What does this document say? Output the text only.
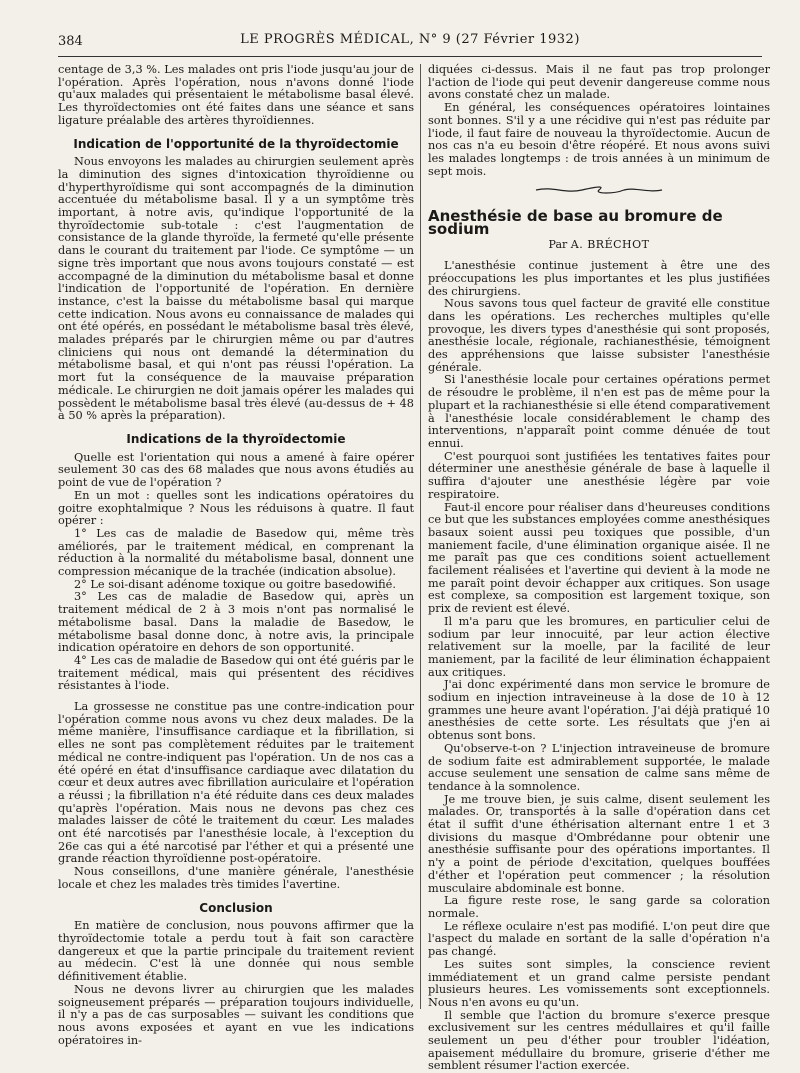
384	LE PROGRÈS MÉDICAL, N° 9 (27 Février 1932)

centage de 3,3 %. Les malades ont pris l'iode jusqu'au jour de l'opération. Après l'opération, nous n'avons donné l'iode qu'aux malades qui présentaient le métabolisme basal élevé. Les thyroïdectomies ont été faites dans une séance et sans ligature préalable des artères thyroïdiennes.

Indication de l'opportunité de la thyroïdectomie

Nous envoyons les malades au chirurgien seulement après la diminution des signes d'intoxication thyroïdienne ou d'hyperthyroïdisme qui sont accompagnés de la diminution accentuée du métabolisme basal. Il y a un symptôme très important, à notre avis, qu'indique l'opportunité de la thyroïdectomie sub-totale : c'est l'augmentation de consistance de la glande thyroïde, la fermeté qu'elle présente dans le courant du traitement par l'iode. Ce symptôme — un signe très important que nous avons toujours constaté — est accompagné de la diminution du métabolisme basal et donne l'indication de l'opportunité de l'opération. En dernière instance, c'est la baisse du métabolisme basal qui marque cette indication. Nous avons eu connaissance de malades qui ont été opérés, en possédant le métabolisme basal très élevé, malades préparés par le chirurgien même ou par d'autres cliniciens qui nous ont demandé la détermination du métabolisme basal, et qui n'ont pas réussi l'opération. La mort fut la conséquence de la mauvaise préparation médicale. Le chirurgien ne doit jamais opérer les malades qui possèdent le métabolisme basal très élevé (au-dessus de + 48 à 50 % après la préparation).

Indications de la thyroïdectomie

Quelle est l'orientation qui nous a amené à faire opérer seulement 30 cas des 68 malades que nous avons étudiés au point de vue de l'opération ?

En un mot : quelles sont les indications opératoires du goitre exophtalmique ? Nous les réduisons à quatre. Il faut opérer :

1° Les cas de maladie de Basedow qui, même très améliorés, par le traitement médical, en comprenant la réduction à la normalité du métabolisme basal, donnent une compression mécanique de la trachée (indication absolue).

2° Le soi-disant adénome toxique ou goitre basedowifié.

3° Les cas de maladie de Basedow qui, après un traitement médical de 2 à 3 mois n'ont pas normalisé le métabolisme basal. Dans la maladie de Basedow, le métabolisme basal donne donc, à notre avis, la principale indication opératoire en dehors de son opportunité.

4° Les cas de maladie de Basedow qui ont été guéris par le traitement médical, mais qui présentent des récidives résistantes à l'iode.

La grossesse ne constitue pas une contre-indication pour l'opération comme nous avons vu chez deux malades. De la même manière, l'insuffisance cardiaque et la fibrillation, si elles ne sont pas complètement réduites par le traitement médical ne contre-indiquent pas l'opération. Un de nos cas a été opéré en état d'insuffisance cardiaque avec dilatation du cœur et deux autres avec fibrillation auriculaire et l'opération a réussi ; la fibrillation n'a été réduite dans ces deux malades qu'après l'opération. Mais nous ne devons pas chez ces malades laisser de côté le traitement du cœur. Les malades ont été narcotisés par l'anesthésie locale, à l'exception du 26e cas qui a été narcotisé par l'éther et qui a présenté une grande réaction thyroïdienne post-opératoire.

Nous conseillons, d'une manière générale, l'anesthésie locale et chez les malades très timides l'avertine.

Conclusion

En matière de conclusion, nous pouvons affirmer que la thyroïdectomie totale a perdu tout à fait son caractère dangereux et que la partie principale du traitement revient au médecin. C'est là une donnée qui nous semble définitivement établie.

Nous ne devons livrer au chirurgien que les malades soigneusement préparés — préparation toujours individuelle, il n'y a pas de cas surposables — suivant les conditions que nous avons exposées et ayant en vue les indications opératoires in-

diquées ci-dessus. Mais il ne faut pas trop prolonger l'action de l'iode qui peut devenir dangereuse comme nous avons constaté chez un malade.

En général, les conséquences opératoires lointaines sont bonnes. S'il y a une récidive qui n'est pas réduite par l'iode, il faut faire de nouveau la thyroïdectomie. Aucun de nos cas n'a eu besoin d'être réopéré. Et nous avons suivi les malades longtemps : de trois années à un minimum de sept mois.

Anesthésie de base au bromure de sodium
Par A. BRÉCHOT

L'anesthésie continue justement à être une des préoccupations les plus importantes et les plus justifiées des chirurgiens.

Nous savons tous quel facteur de gravité elle constitue dans les opérations. Les recherches multiples qu'elle provoque, les divers types d'anesthésie qui sont proposés, anesthésie locale, régionale, rachianesthésie, témoignent des appréhensions que laisse subsister l'anesthésie générale.

Si l'anesthésie locale pour certaines opérations permet de résoudre le problème, il n'en est pas de même pour la plupart et la rachianesthésie si elle étend comparativement à l'anesthésie locale considérablement le champ des interventions, n'apparaît point comme dénuée de tout ennui.

C'est pourquoi sont justifiées les tentatives faites pour déterminer une anesthésie générale de base à laquelle il suffira d'ajouter une anesthésie légère par voie respiratoire.

Faut-il encore pour réaliser dans d'heureuses conditions ce but que les substances employées comme anesthésiques basaux soient aussi peu toxiques que possible, d'un maniement facile, d'une élimination organique aisée. Il ne me paraît pas que ces conditions soient actuellement facilement réalisées et l'avertine qui devient à la mode ne me paraît point devoir échapper aux critiques. Son usage est complexe, sa composition est largement toxique, son prix de revient est élevé.

Il m'a paru que les bromures, en particulier celui de sodium par leur innocuité, par leur action élective relativement sur la moelle, par la facilité de leur maniement, par la facilité de leur élimination échappaient aux critiques.

J'ai donc expérimenté dans mon service le bromure de sodium en injection intraveineuse à la dose de 10 à 12 grammes une heure avant l'opération. J'ai déjà pratiqué 10 anesthésies de cette sorte. Les résultats que j'en ai obtenus sont bons.

Qu'observe-t-on ? L'injection intraveineuse de bromure de sodium faite est admirablement supportée, le malade accuse seulement une sensation de calme sans même de tendance à la somnolence.

Je me trouve bien, je suis calme, disent seulement les malades. Or, transportés à la salle d'opération dans cet état il suffit d'une éthérisation alternant entre 1 et 3 divisions du masque d'Ombrédanne pour obtenir une anesthésie suffisante pour des opérations importantes. Il n'y a point de période d'excitation, quelques bouffées d'éther et l'opération peut commencer ; la résolution musculaire abdominale est bonne.

La figure reste rose, le sang garde sa coloration normale.

Le réflexe oculaire n'est pas modifié. L'on peut dire que l'aspect du malade en sortant de la salle d'opération n'a pas changé.

Les suites sont simples, la conscience revient immédiatement et un grand calme persiste pendant plusieurs heures. Les vomissements sont exceptionnels. Nous n'en avons eu qu'un.

Il semble que l'action du bromure s'exerce presque exclusivement sur les centres médullaires et qu'il faille seulement un peu d'éther pour troubler l'idéation, apaisement médullaire du bromure, griserie d'éther me semblent résumer l'action exercée.
